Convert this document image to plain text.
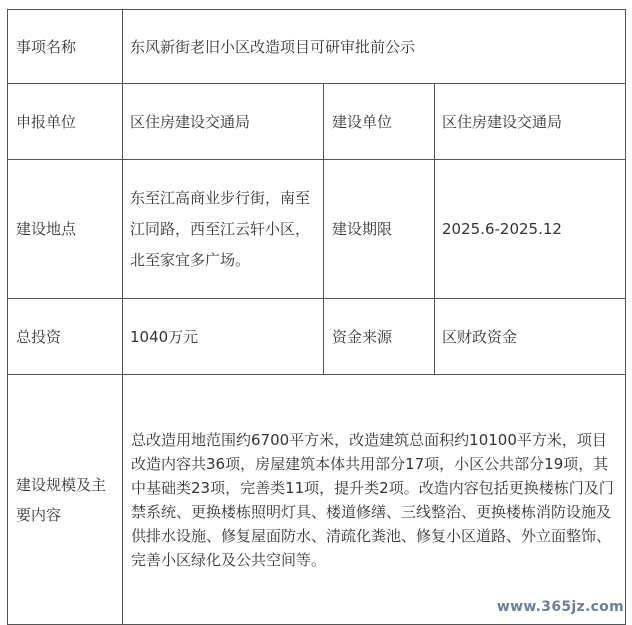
事项名称	东风新街老旧小区改造项目可研审批前公示		
申报单位	区住房建设交通局	建设单位	区住房建设交通局
建设地点	东至江高商业步行街，南至江同路，西至江云轩小区，北至家宜多广场。	建设期限	2025.6-2025.12
总投资	1040万元	资金来源	区财政资金
建设规模及主要内容	总改造用地范围约6700平方米，改造建筑总面积约10100平方米，项目改造内容共36项，房屋建筑本体共用部分17项，小区公共部分19项，其中基础类23项，完善类11项，提升类2项。改造内容包括更换楼栋门及门禁系统、更换楼栋照明灯具、楼道修缮、三线整治、更换楼栋消防设施及供排水设施、修复屋面防水、清疏化粪池、修复小区道路、外立面整饰、完善小区绿化及公共空间等。		
www.365jz.com
